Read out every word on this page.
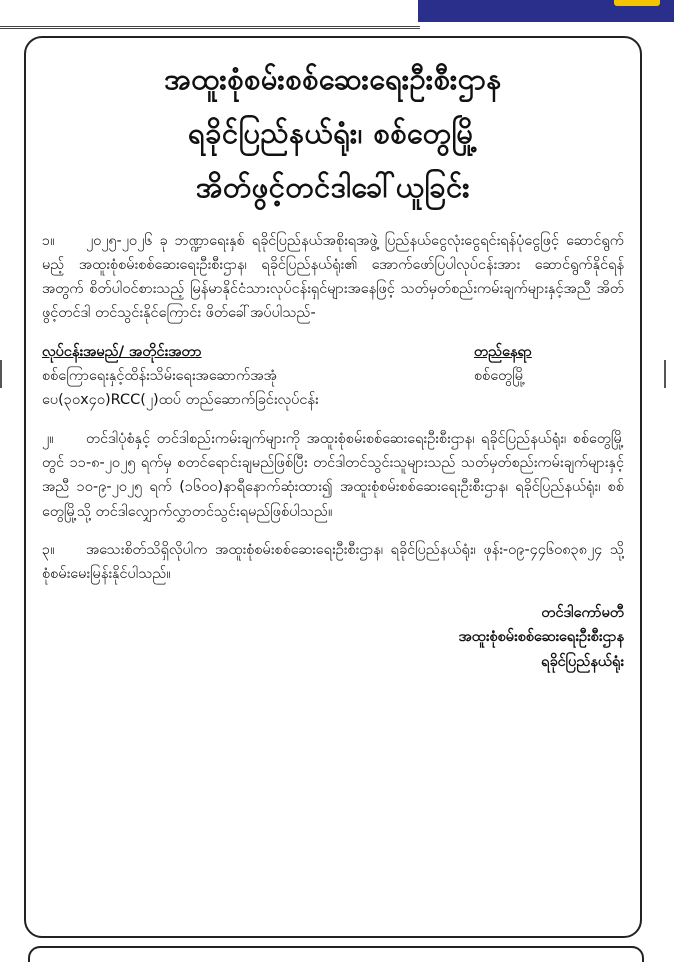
အထူးစုံစမ်းစစ်ဆေးရေးဦးစီးဌာန
ရခိုင်ပြည်နယ်ရုံး၊ စစ်တွေမြို့
အိတ်ဖွင့်တင်ဒါခေါ်ယူခြင်း

၁။ ၂၀၂၅-၂၀၂၆ ခု ဘဏ္ဍာရေးနှစ် ရခိုင်ပြည်နယ်အစိုးရအဖွဲ့ ပြည်နယ်ငွေလုံးငွေရင်းရန်ပုံငွေဖြင့် ဆောင်ရွက်မည့် အထူးစုံစမ်းစစ်ဆေးရေးဦးစီးဌာန၊ ရခိုင်ပြည်နယ်ရုံး၏ အောက်ဖော်ပြပါလုပ်ငန်းအား ဆောင်ရွက်နိုင်ရန်အတွက် စိတ်ပါဝင်စားသည့် မြန်မာနိုင်ငံသားလုပ်ငန်းရှင်များအနေဖြင့် သတ်မှတ်စည်းကမ်းချက်များနှင့်အညီ အိတ်ဖွင့်တင်ဒါ တင်သွင်းနိုင်ကြောင်း ဖိတ်ခေါ်အပ်ပါသည်-

လုပ်ငန်းအမည်/ အတိုင်းအတာ	တည်နေရာ
စစ်ကြောရေးနှင့်ထိန်းသိမ်းရေးအဆောက်အအုံ	စစ်တွေမြို့
ပေ(၃၀x၄၀)RCC(၂)ထပ် တည်ဆောက်ခြင်းလုပ်ငန်း

၂။ တင်ဒါပုံစံနှင့် တင်ဒါစည်းကမ်းချက်များကို အထူးစုံစမ်းစစ်ဆေးရေးဦးစီးဌာန၊ ရခိုင်ပြည်နယ်ရုံး၊ စစ်တွေမြို့တွင် ၁၁-၈-၂၀၂၅ ရက်မှ စတင်ရောင်းချမည်ဖြစ်ပြီး တင်ဒါတင်သွင်းသူများသည် သတ်မှတ်စည်းကမ်းချက်များနှင့်အညီ ၁၀-၉-၂၀၂၅ ရက် (၁၆၀၀)နာရီနောက်ဆုံးထား၍ အထူးစုံစမ်းစစ်ဆေးရေးဦးစီးဌာန၊ ရခိုင်ပြည်နယ်ရုံး၊ စစ်တွေမြို့သို့ တင်ဒါလျှောက်လွှာတင်သွင်းရမည်ဖြစ်ပါသည်။

၃။ အသေးစိတ်သိရှိလိုပါက အထူးစုံစမ်းစစ်ဆေးရေးဦးစီးဌာန၊ ရခိုင်ပြည်နယ်ရုံး၊ ဖုန်း-၀၉-၄၄၆၀၈၃၈၂၄ သို့ စုံစမ်းမေးမြန်းနိုင်ပါသည်။

တင်ဒါကော်မတီ
အထူးစုံစမ်းစစ်ဆေးရေးဦးစီးဌာန
ရခိုင်ပြည်နယ်ရုံး
